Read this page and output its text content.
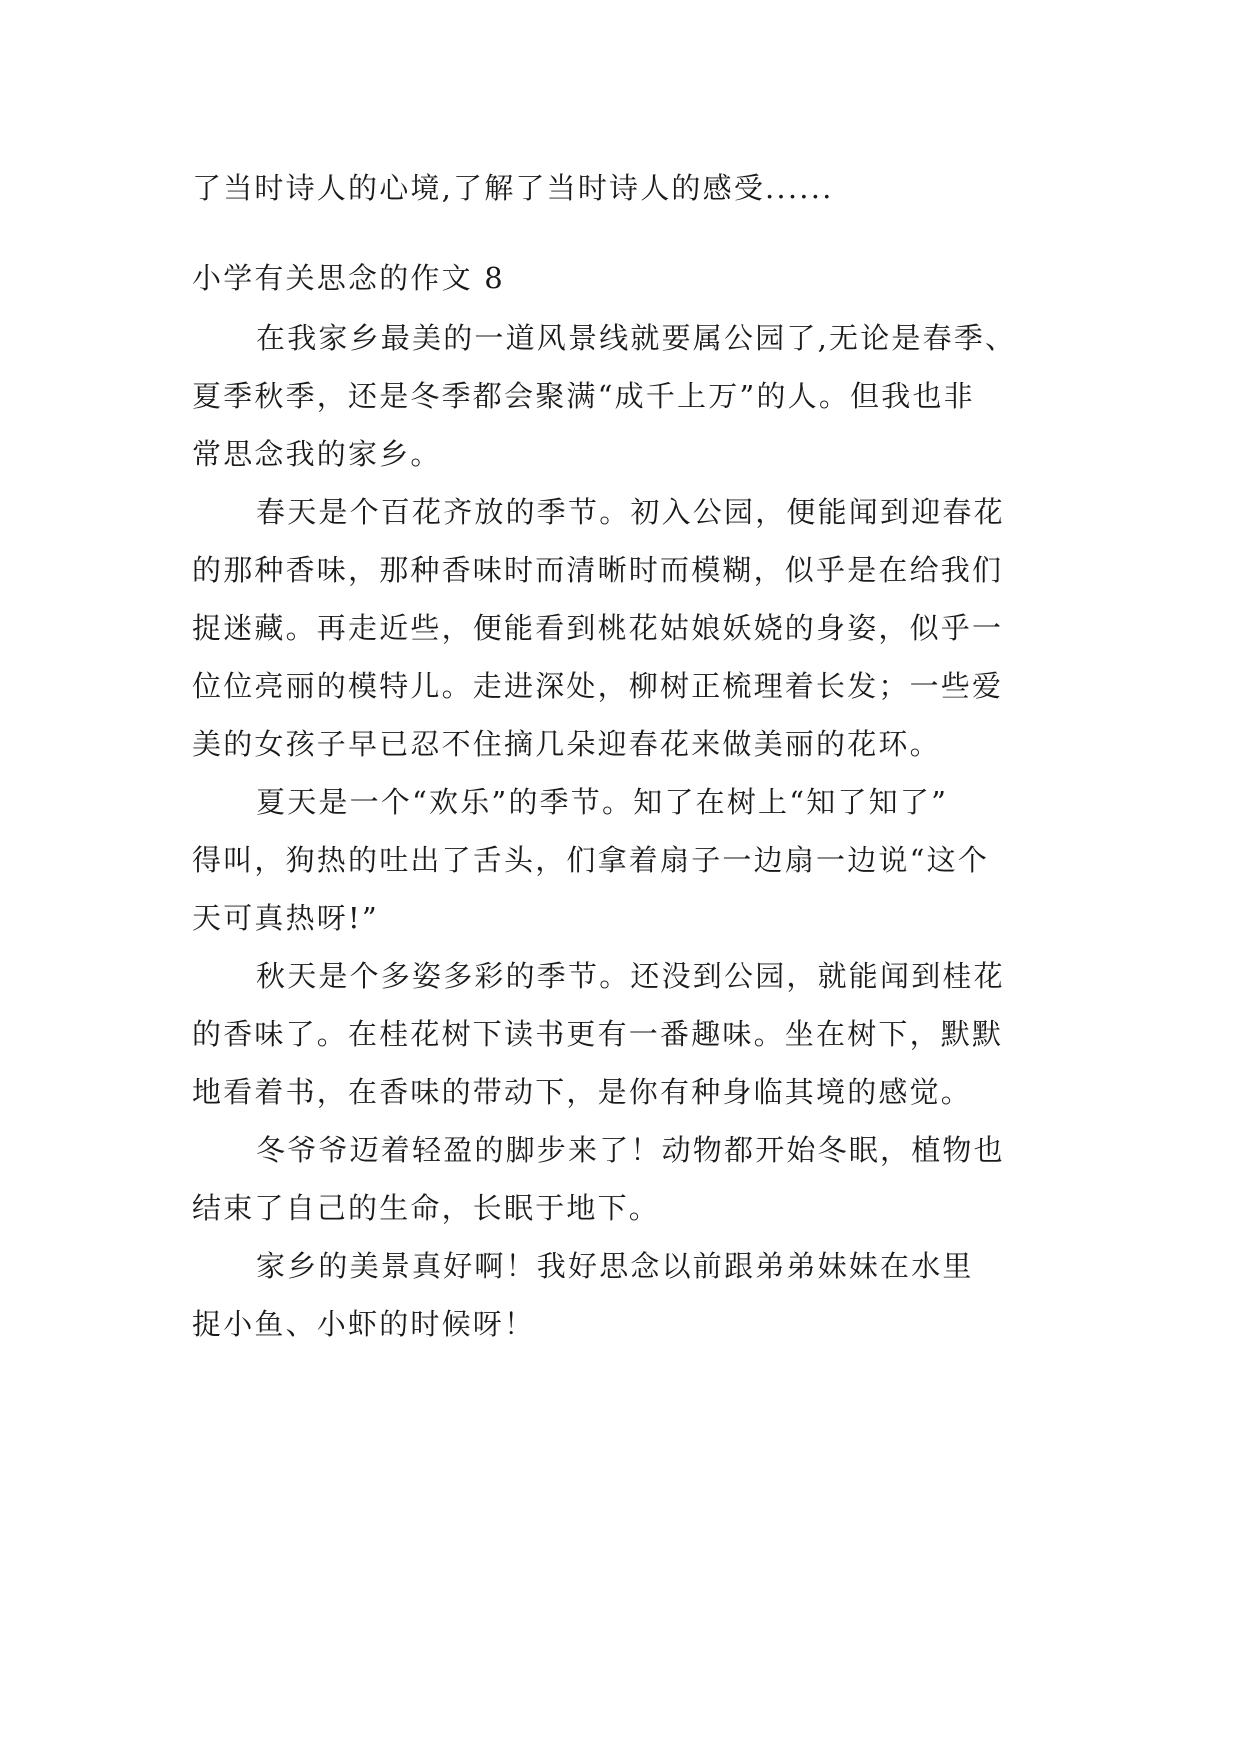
了当时诗人的心境,了解了当时诗人的感受......
小学有关思念的作文 8
在我家乡最美的一道风景线就要属公园了,无论是春季、
夏季秋季，还是冬季都会聚满“成千上万”的人。但我也非
常思念我的家乡。
春天是个百花齐放的季节。初入公园，便能闻到迎春花
的那种香味，那种香味时而清晰时而模糊，似乎是在给我们
捉迷藏。再走近些，便能看到桃花姑娘妖娆的身姿，似乎一
位位亮丽的模特儿。走进深处，柳树正梳理着长发；一些爱
美的女孩子早已忍不住摘几朵迎春花来做美丽的花环。
夏天是一个“欢乐”的季节。知了在树上“知了知了”
得叫，狗热的吐出了舌头，们拿着扇子一边扇一边说“这个
天可真热呀!”
秋天是个多姿多彩的季节。还没到公园，就能闻到桂花
的香味了。在桂花树下读书更有一番趣味。坐在树下，默默
地看着书，在香味的带动下，是你有种身临其境的感觉。
冬爷爷迈着轻盈的脚步来了！动物都开始冬眠，植物也
结束了自己的生命，长眠于地下。
家乡的美景真好啊！我好思念以前跟弟弟妹妹在水里
捉小鱼、小虾的时候呀！
